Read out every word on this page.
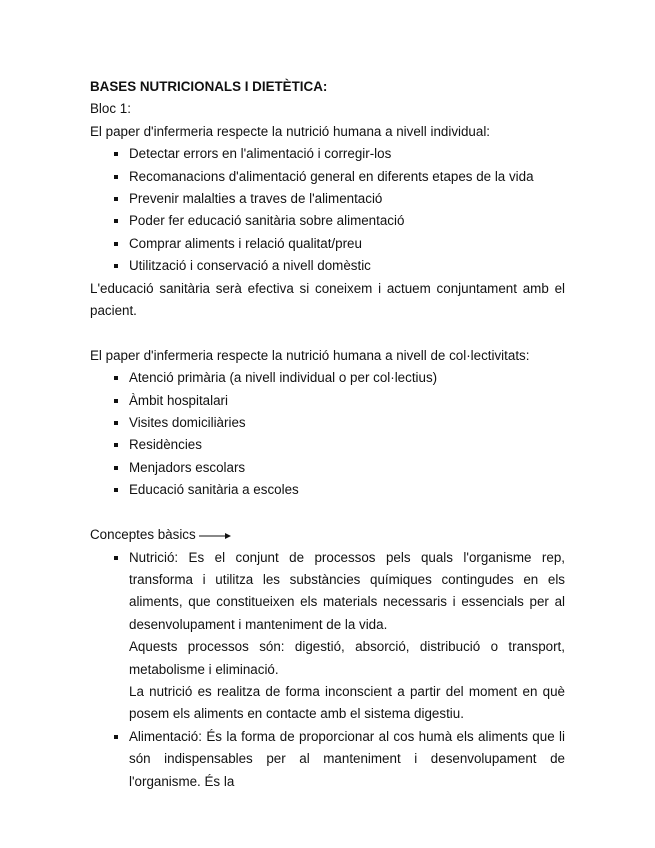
BASES NUTRICIONALS I DIETÈTICA:

Bloc 1:

El paper d'infermeria respecte la nutrició humana a nivell individual:

Detectar errors en l'alimentació i corregir-los
Recomanacions d'alimentació general en diferents etapes de la vida
Prevenir malalties a traves de l'alimentació
Poder fer educació sanitària sobre alimentació
Comprar aliments i relació qualitat/preu
Utilització i conservació a nivell domèstic

L'educació sanitària serà efectiva si coneixem i actuem conjuntament amb el pacient.

El paper d'infermeria respecte la nutrició humana a nivell de col·lectivitats:

Atenció primària (a nivell individual o per col·lectius)
Àmbit hospitalari
Visites domiciliàries
Residències
Menjadors escolars
Educació sanitària a escoles

Conceptes bàsics

Nutrició: Es el conjunt de processos pels quals l'organisme rep, transforma i utilitza les substàncies químiques contingudes en els aliments, que constitueixen els materials necessaris i essencials per al desenvolupament i manteniment de la vida.

Aquests processos són: digestió, absorció, distribució o transport, metabolisme i eliminació.

La nutrició es realitza de forma inconscient a partir del moment en què posem els aliments en contacte amb el sistema digestiu.

Alimentació: És la forma de proporcionar al cos humà els aliments que li són indispensables per al manteniment i desenvolupament de l'organisme. És la
